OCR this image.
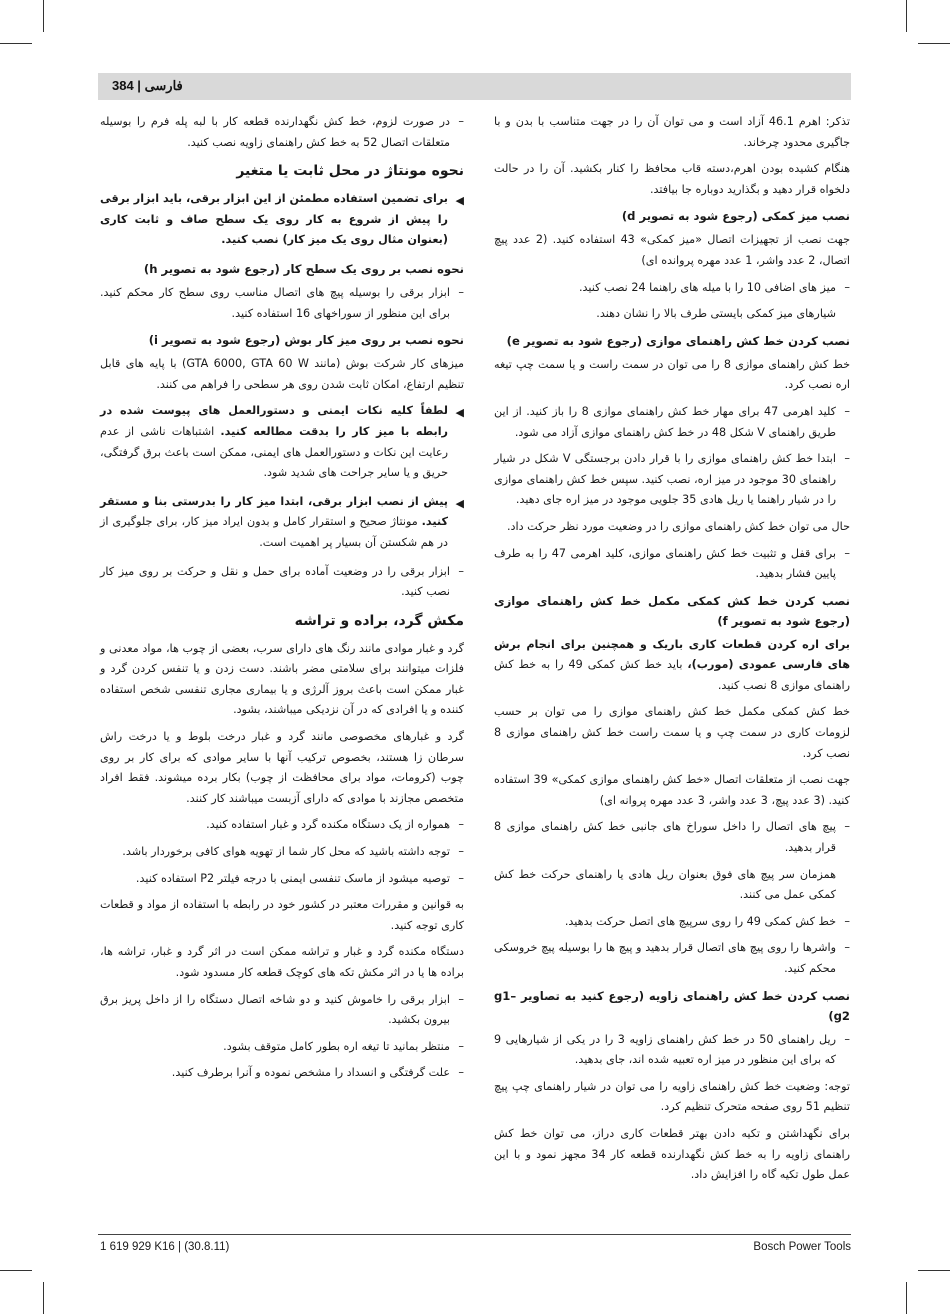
384 | فارسی

تذکر: اهرم 46.1 آزاد است و می توان آن را در جهت متناسب با بدن و با جاگیری محدود چرخاند.

هنگام کشیده بودن اهرم،دسته قاب محافظ را کنار بکشید. آن را در حالت دلخواه قرار دهید و بگذارید دوباره جا بیافتد.

نصب میز کمکی (رجوع شود به تصویر d)

جهت نصب از تجهیزات اتصال «میز کمکی» 43 استفاده کنید. (2 عدد پیچ اتصال، 2 عدد واشر، 1 عدد مهره پروانده ای)

– میز های اضافی 10 را با میله های راهنما 24 نصب کنید.
شیارهای میز کمکی بایستی طرف بالا را نشان دهند.
نصب کردن خط کش راهنمای موازی (رجوع شود به تصویر e)

خط کش راهنمای موازی 8 را می توان در سمت راست و یا سمت چپ تیغه اره نصب کرد.

– کلید اهرمی 47 برای مهار خط کش راهنمای موازی 8 را باز کنید. از این طریق راهنمای V شکل 48 در خط کش راهنمای موازی آزاد می شود.
– ابتدا خط کش راهنمای موازی را با قرار دادن برجستگی V شکل در شیار راهنمای 30 موجود در میز اره، نصب کنید. سپس خط کش راهنمای موازی را در شیار راهنما یا ریل هادی 35 جلویی موجود در میز اره جای دهید.

حال می توان خط کش راهنمای موازی را در وضعیت مورد نظر حرکت داد.

– برای قفل و تثبیت خط کش راهنمای موازی، کلید اهرمی 47 را به طرف پایین فشار بدهید.
نصب کردن خط کش کمکی مکمل خط کش راهنمای موازی (رجوع شود به تصویر f)

برای اره کردن قطعات کاری باریک و همچنین برای انجام برش های فارسی عمودی (مورب)، باید خط کش کمکی 49 را به خط کش راهنمای موازی 8 نصب کنید.

خط کش کمکی مکمل خط کش راهنمای موازی را می توان بر حسب لزومات کاری در سمت چپ و یا سمت راست خط کش راهنمای موازی 8 نصب کرد.

جهت نصب از متعلقات اتصال «خط کش راهنمای موازی کمکی» 39 استفاده کنید. (3 عدد پیچ، 3 عدد واشر، 3 عدد مهره پروانه ای)

– پیچ های اتصال را داخل سوراخ های جانبی خط کش راهنمای موازی 8 قرار بدهید.
همزمان سر پیچ های فوق بعنوان ریل هادی یا راهنمای حرکت خط کش کمکی عمل می کنند.
– خط کش کمکی 49 را روی سرپیچ های اتصل حرکت بدهید.
– واشرها را روی پیچ های اتصال قرار بدهید و پیچ ها را بوسیله پیچ خروسکی محکم کنید.
نصب کردن خط کش راهنمای زاویه (رجوع کنید به تصاویر g1–g2)
– ریل راهنمای 50 در خط کش راهنمای زاویه 3 را در یکی از شیارهایی 9 که برای این منظور در میز اره تعبیه شده اند، جای بدهید.

توجه: وضعیت خط کش راهنمای زاویه را می توان در شیار راهنمای چپ پیچ تنظیم 51 روی صفحه متحرک تنظیم کرد.

برای نگهداشتن و تکیه دادن بهتر قطعات کاری دراز، می توان خط کش راهنمای زاویه را به خط کش نگهدارنده قطعه کار 34 مجهز نمود و با این عمل طول تکیه گاه را افزایش داد.

– در صورت لزوم، خط کش نگهدارنده قطعه کار با لبه پله فرم را بوسیله متعلقات اتصال 52 به خط کش راهنمای زاویه نصب کنید.
نحوه مونتاژ در محل ثابت یا متغیر
◀
برای تضمین استفاده مطمئن از این ابزار برقی، باید ابزار برقی را پیش از شروع به کار روی یک سطح صاف و ثابت کاری (بعنوان مثال روی یک میز کار) نصب کنید.
نحوه نصب بر روی یک سطح کار (رجوع شود به تصویر h)
– ابزار برقی را بوسیله پیچ های اتصال مناسب روی سطح کار محکم کنید. برای این منظور از سوراخهای 16 استفاده کنید.
نحوه نصب بر روی میز کار بوش (رجوع شود به تصویر i)

میزهای کار شرکت بوش (مانند GTA 6000, GTA 60 W) با پایه های قابل تنظیم ارتفاع، امکان ثابت شدن روی هر سطحی را فراهم می کنند.

◀
لطفاً کلیه نکات ایمنی و دستورالعمل های پیوست شده در رابطه با میز کار را بدقت مطالعه کنید. اشتباهات ناشی از عدم رعایت این نکات و دستورالعمل های ایمنی، ممکن است باعث برق گرفتگی، حریق و یا سایر جراحت های شدید شود.
◀
پیش از نصب ابزار برقی، ابتدا میز کار را بدرستی بنا و مستقر کنید. مونتاژ صحیح و استقرار کامل و بدون ایراد میز کار، برای جلوگیری از در هم شکستن آن بسیار پر اهمیت است.
– ابزار برقی را در وضعیت آماده برای حمل و نقل و حرکت بر روی میز کار نصب کنید.
مکش گرد، براده و تراشه

گرد و غبار موادی مانند رنگ های دارای سرب، بعضی از چوب ها، مواد معدنی و فلزات میتوانند برای سلامتی مضر باشند. دست زدن و یا تنفس کردن گرد و غبار ممکن است باعث بروز آلرژی و یا بیماری مجاری تنفسی شخص استفاده کننده و یا افرادی که در آن نزدیکی میباشند، بشود.

گرد و غبارهای مخصوصی مانند گرد و غبار درخت بلوط و یا درخت راش سرطان زا هستند، بخصوص ترکیب آنها با سایر موادی که برای کار بر روی چوب (کرومات، مواد برای محافظت از چوب) بکار برده میشوند. فقط افراد متخصص مجازند با موادی که دارای آزبست میباشند کار کنند.

– همواره از یک دستگاه مکنده گرد و غبار استفاده کنید.
– توجه داشته باشید که محل کار شما از تهویه هوای کافی برخوردار باشد.
– توصیه میشود از ماسک تنفسی ایمنی با درجه فیلتر P2 استفاده کنید.

به قوانین و مقررات معتبر در کشور خود در رابطه با استفاده از مواد و قطعات کاری توجه کنید.

دستگاه مکنده گرد و غبار و تراشه ممکن است در اثر گرد و غبار، تراشه ها، براده ها یا در اثر مکش تکه های کوچک قطعه کار مسدود شود.

– ابزار برقی را خاموش کنید و دو شاخه اتصال دستگاه را از داخل پریز برق بیرون بکشید.
– منتظر بمانید تا تیغه اره بطور کامل متوقف بشود.
– علت گرفتگی و انسداد را مشخص نموده و آنرا برطرف کنید.
1 619 929 K16 | (30.8.11)	Bosch Power Tools
